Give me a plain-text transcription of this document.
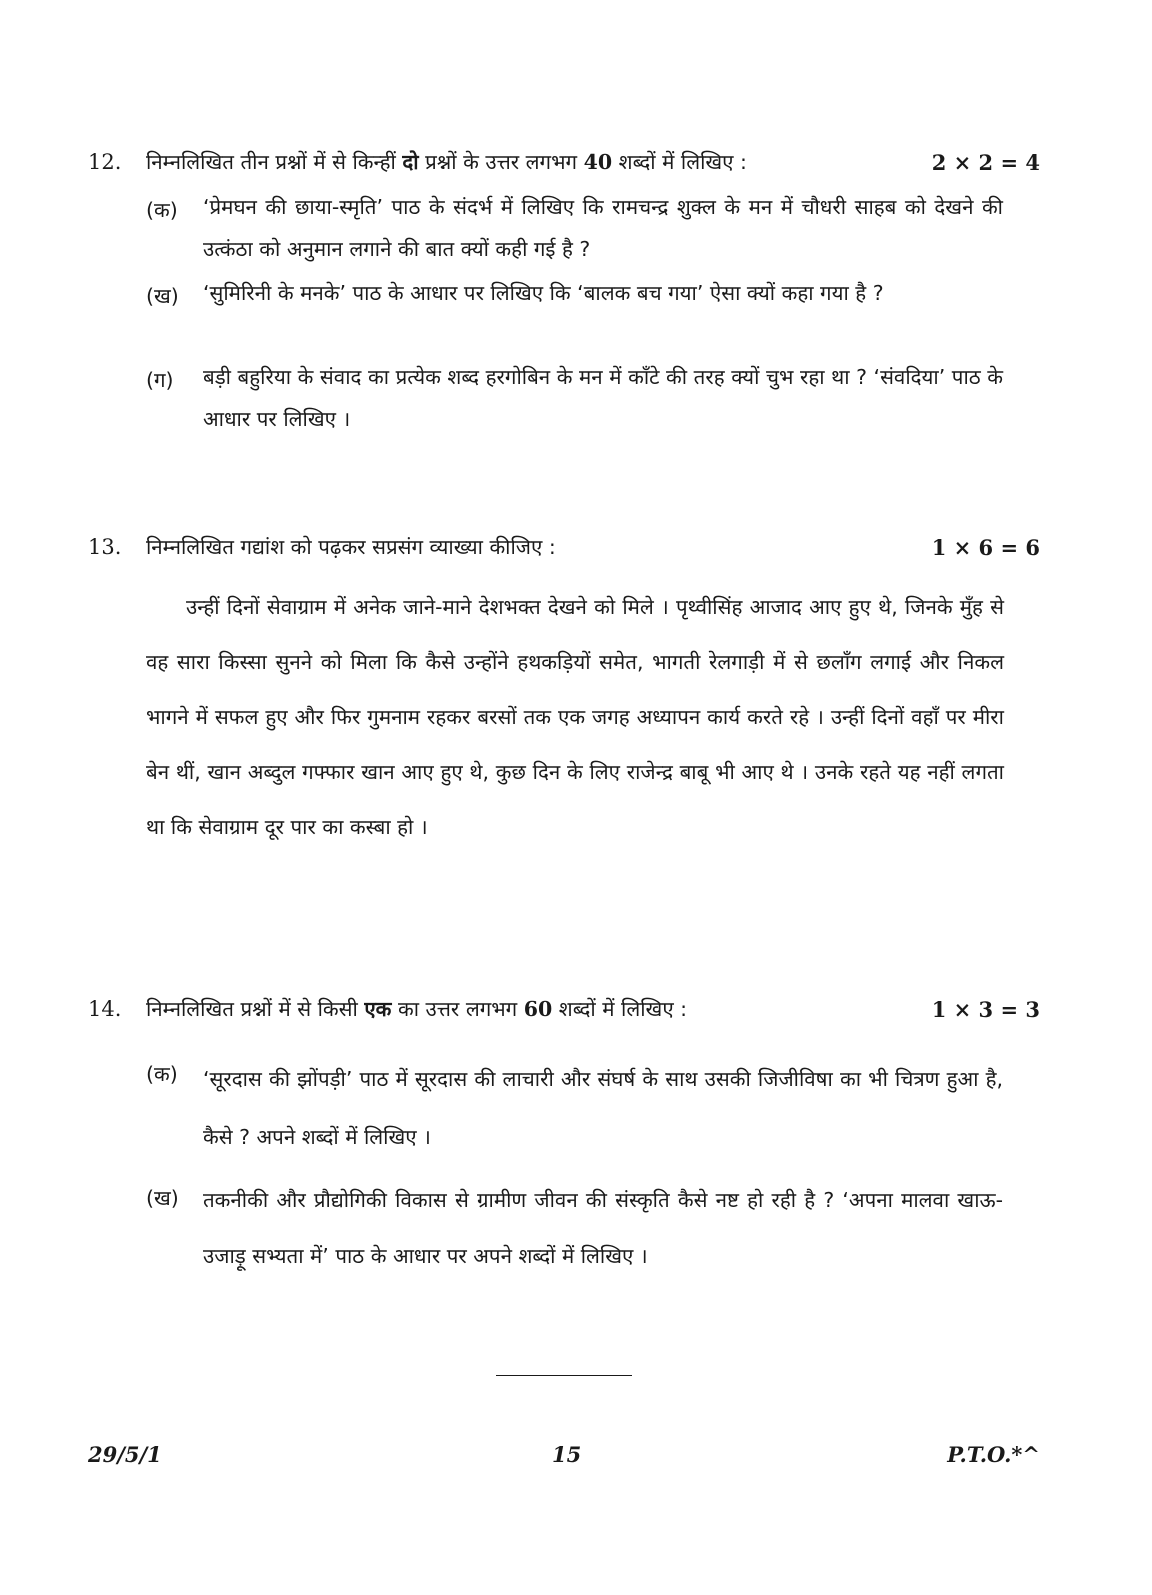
12. निम्नलिखित तीन प्रश्नों में से किन्हीं दो प्रश्नों के उत्तर लगभग 40 शब्दों में लिखिए :	2 × 2 = 4
(क) ‘प्रेमघन की छाया-स्मृति’ पाठ के संदर्भ में लिखिए कि रामचन्द्र शुक्ल के मन में चौधरी साहब को देखने की उत्कंठा को अनुमान लगाने की बात क्यों कही गई है ?
(ख) ‘सुमिरिनी के मनके’ पाठ के आधार पर लिखिए कि ‘बालक बच गया’ ऐसा क्यों कहा गया है ?
(ग) बड़ी बहुरिया के संवाद का प्रत्येक शब्द हरगोबिन के मन में काँटे की तरह क्यों चुभ रहा था ? ‘संवदिया’ पाठ के आधार पर लिखिए ।
13. निम्नलिखित गद्यांश को पढ़कर सप्रसंग व्याख्या कीजिए :	1 × 6 = 6
उन्हीं दिनों सेवाग्राम में अनेक जाने-माने देशभक्त देखने को मिले । पृथ्वीसिंह आजाद आए हुए थे, जिनके मुँह से वह सारा किस्सा सुनने को मिला कि कैसे उन्होंने हथकड़ियों समेत, भागती रेलगाड़ी में से छलाँग लगाई और निकल भागने में सफल हुए और फिर गुमनाम रहकर बरसों तक एक जगह अध्यापन कार्य करते रहे । उन्हीं दिनों वहाँ पर मीरा बेन थीं, खान अब्दुल गफ्फार खान आए हुए थे, कुछ दिन के लिए राजेन्द्र बाबू भी आए थे । उनके रहते यह नहीं लगता था कि सेवाग्राम दूर पार का कस्बा हो ।
14. निम्नलिखित प्रश्नों में से किसी एक का उत्तर लगभग 60 शब्दों में लिखिए :	1 × 3 = 3
(क) ‘सूरदास की झोंपड़ी’ पाठ में सूरदास की लाचारी और संघर्ष के साथ उसकी जिजीविषा का भी चित्रण हुआ है, कैसे ? अपने शब्दों में लिखिए ।
(ख) तकनीकी और प्रौद्योगिकी विकास से ग्रामीण जीवन की संस्कृति कैसे नष्ट हो रही है ? ‘अपना मालवा खाऊ-उजाड़ू सभ्यता में’ पाठ के आधार पर अपने शब्दों में लिखिए ।
29/5/1	15	P.T.O.*^
